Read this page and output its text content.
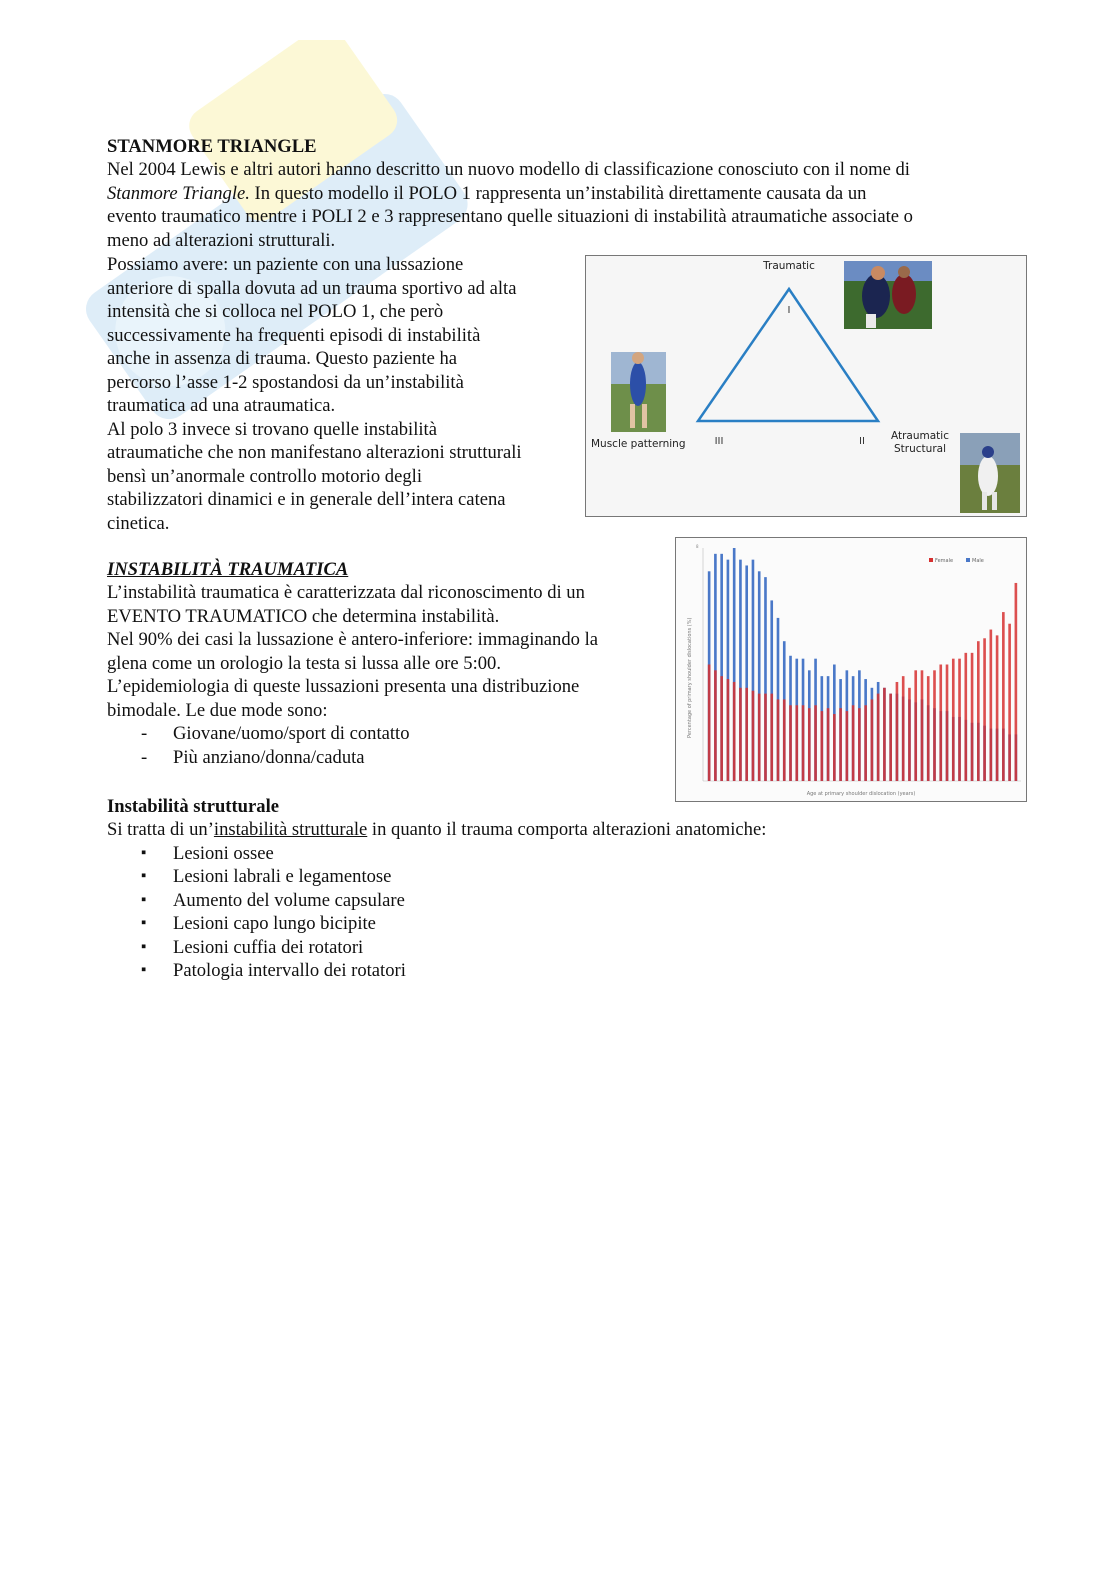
STANMORE TRIANGLE
Nel 2004 Lewis e altri autori hanno descritto un nuovo modello di classificazione conosciuto con il nome di
Stanmore Triangle. In questo modello il POLO 1 rappresenta un’instabilità direttamente causata da un
evento traumatico mentre i POLI 2 e 3 rappresentano quelle situazioni di instabilità atraumatiche associate o
meno ad alterazioni strutturali.
Possiamo avere: un paziente con una lussazione
anteriore di spalla dovuta ad un trauma sportivo ad alta
intensità che si colloca nel POLO 1, che però
successivamente ha frequenti episodi di instabilità
anche in assenza di trauma. Questo paziente ha
percorso l’asse 1-2 spostandosi da un’instabilità
traumatica ad una atraumatica.
Al polo 3 invece si trovano quelle instabilità
atraumatiche che non manifestano alterazioni strutturali
bensì un’anormale controllo motorio degli
stabilizzatori dinamici e in generale dell’intera catena
cinetica.
Traumatic
I
III	II
Muscle patterning
Atraumatic
Structural
INSTABILITÀ TRAUMATICA
L’instabilità traumatica è caratterizzata dal riconoscimento di un
EVENTO TRAUMATICO che determina instabilità.
Nel 90% dei casi la lussazione è antero-inferiore: immaginando la
glena come un orologio la testa si lussa alle ore 5:00.
L’epidemiologia di queste lussazioni presenta una distribuzione
bimodale. Le due mode sono:
- Giovane/uomo/sport di contatto
- Più anziano/donna/caduta
8
Female	Male
Percentage of primary shoulder dislocations (%)
Age at primary shoulder dislocation (years)
Instabilità strutturale
Si tratta di un’instabilità strutturale in quanto il trauma comporta alterazioni anatomiche:
▪ Lesioni ossee
▪ Lesioni labrali e legamentose
▪ Aumento del volume capsulare
▪ Lesioni capo lungo bicipite
▪ Lesioni cuffia dei rotatori
▪ Patologia intervallo dei rotatori
